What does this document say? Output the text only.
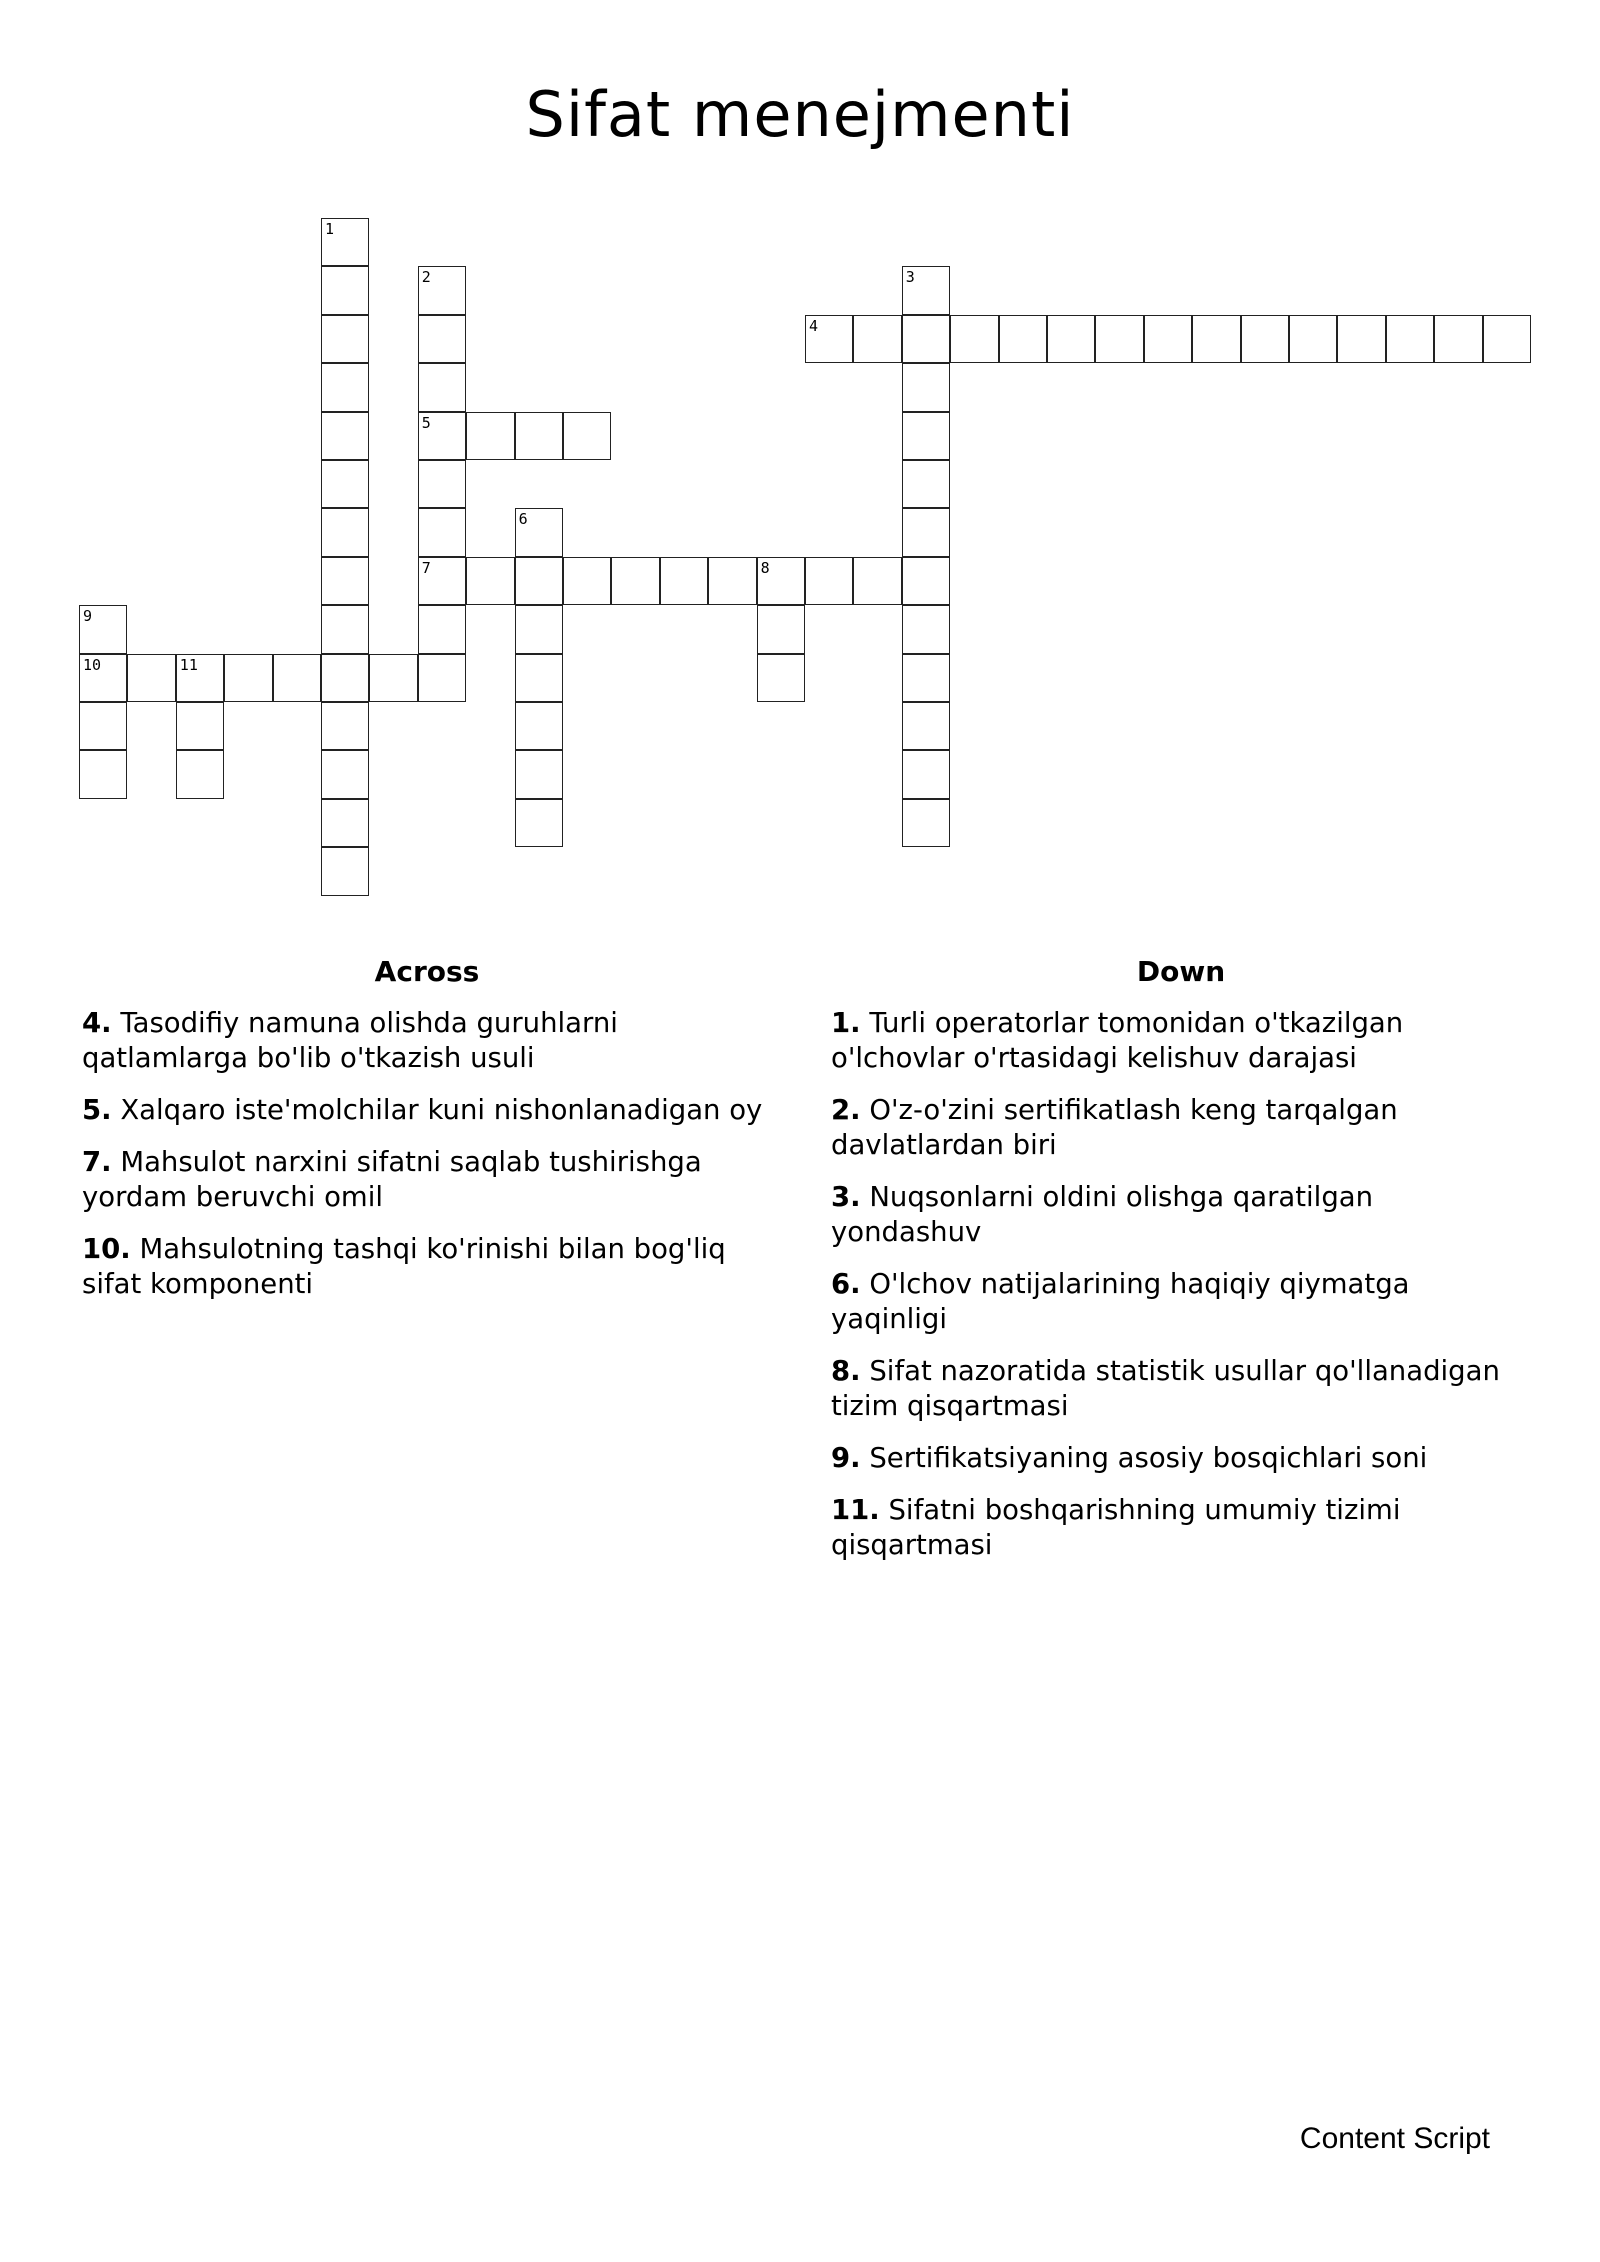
Sifat menejmenti
1
2
5
7
3
4
6
8
9
10	11
Across
4. Tasodifiy namuna olishda guruhlarni qatlamlarga bo'lib o'tkazish usuli
5. Xalqaro iste'molchilar kuni nishonlanadigan oy
7. Mahsulot narxini sifatni saqlab tushirishga yordam beruvchi omil
10. Mahsulotning tashqi ko'rinishi bilan bog'liq sifat komponenti
Down
1. Turli operatorlar tomonidan o'tkazilgan o'lchovlar o'rtasidagi kelishuv darajasi
2. O'z-o'zini sertifikatlash keng tarqalgan davlatlardan biri
3. Nuqsonlarni oldini olishga qaratilgan yondashuv
6. O'lchov natijalarining haqiqiy qiymatga yaqinligi
8. Sifat nazoratida statistik usullar qo'llanadigan tizim qisqartmasi
9. Sertifikatsiyaning asosiy bosqichlari soni
11. Sifatni boshqarishning umumiy tizimi qisqartmasi
Content Script
